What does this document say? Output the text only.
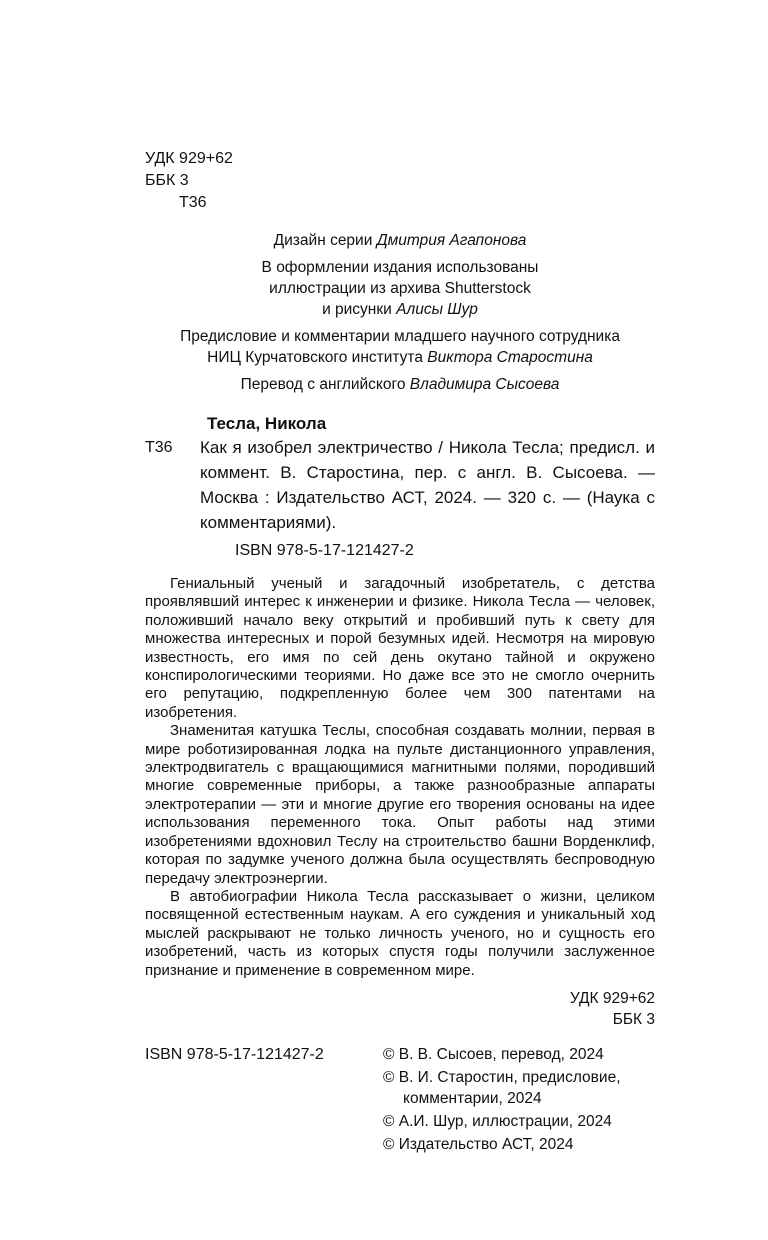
УДК 929+62
ББК 3
Т36
Дизайн серии Дмитрия Агапонова
В оформлении издания использованы
иллюстрации из архива Shutterstock
и рисунки Алисы Шур
Предисловие и комментарии младшего научного сотрудника
НИЦ Курчатовского института Виктора Старостина
Перевод с английского Владимира Сысоева
Тесла, Никола
Т36 Как я изобрел электричество / Никола Тесла; предисл. и коммент. В. Старостина, пер. с англ. В. Сысоева. — Москва : Издательство АСТ, 2024. — 320 с. — (Наука с комментариями).
ISBN 978-5-17-121427-2

Гениальный ученый и загадочный изобретатель, с детства проявлявший интерес к инженерии и физике. Никола Тесла — человек, положивший начало веку открытий и пробивший путь к свету для множества интересных и порой безумных идей. Несмотря на мировую известность, его имя по сей день окутано тайной и окружено конспирологическими теориями. Но даже все это не смогло очернить его репутацию, подкрепленную более чем 300 патентами на изобретения.

Знаменитая катушка Теслы, способная создавать молнии, первая в мире роботизированная лодка на пульте дистанционного управления, электродвигатель с вращающимися магнитными полями, породивший многие современные приборы, а также разнообразные аппараты электротерапии — эти и многие другие его творения основаны на идее использования переменного тока. Опыт работы над этими изобретениями вдохновил Теслу на строительство башни Ворденклиф, которая по задумке ученого должна была осуществлять беспроводную передачу электроэнергии.

В автобиографии Никола Тесла рассказывает о жизни, целиком посвященной естественным наукам. А его суждения и уникальный ход мыслей раскрывают не только личность ученого, но и сущность его изобретений, часть из которых спустя годы получили заслуженное признание и применение в современном мире.

УДК 929+62
ББК 3
ISBN 978-5-17-121427-2	© В. В. Сысоев, перевод, 2024
© В. И. Старостин, предисловие, комментарии, 2024
© А.И. Шур, иллюстрации, 2024
© Издательство АСТ, 2024
